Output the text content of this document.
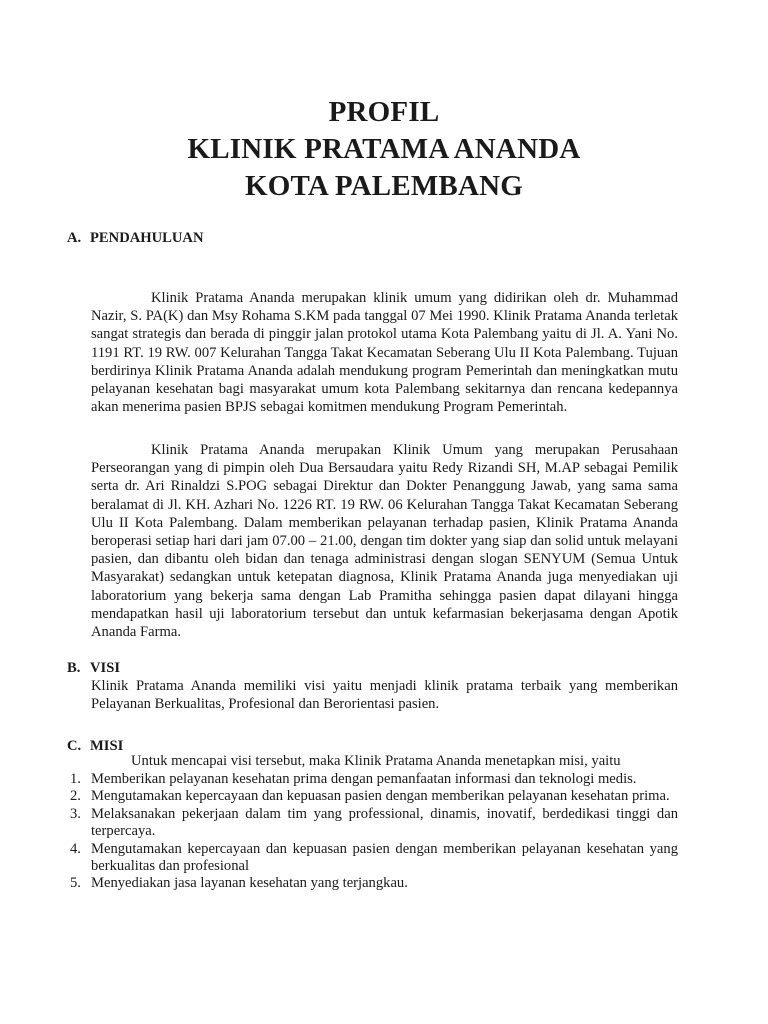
PROFIL
KLINIK PRATAMA ANANDA
KOTA PALEMBANG
A. PENDAHULUAN

Klinik Pratama Ananda merupakan klinik umum yang didirikan oleh dr. Muhammad Nazir, S. PA(K) dan Msy Rohama S.KM pada tanggal 07 Mei 1990. Klinik Pratama Ananda terletak sangat strategis dan berada di pinggir jalan protokol utama Kota Palembang yaitu di Jl. A. Yani No. 1191 RT. 19 RW. 007 Kelurahan Tangga Takat Kecamatan Seberang Ulu II Kota Palembang. Tujuan berdirinya Klinik Pratama Ananda adalah mendukung program Pemerintah dan meningkatkan mutu pelayanan kesehatan bagi masyarakat umum kota Palembang sekitarnya dan rencana kedepannya akan menerima pasien BPJS sebagai komitmen mendukung Program Pemerintah.

Klinik Pratama Ananda merupakan Klinik Umum yang merupakan Perusahaan Perseorangan yang di pimpin oleh Dua Bersaudara yaitu Redy Rizandi SH, M.AP sebagai Pemilik serta dr. Ari Rinaldzi S.POG sebagai Direktur dan Dokter Penanggung Jawab, yang sama sama beralamat di Jl. KH. Azhari No. 1226 RT. 19 RW. 06 Kelurahan Tangga Takat Kecamatan Seberang Ulu II Kota Palembang. Dalam memberikan pelayanan terhadap pasien, Klinik Pratama Ananda beroperasi setiap hari dari jam 07.00 – 21.00, dengan tim dokter yang siap dan solid untuk melayani pasien, dan dibantu oleh bidan dan tenaga administrasi dengan slogan SENYUM (Semua Untuk Masyarakat) sedangkan untuk ketepatan diagnosa, Klinik Pratama Ananda juga menyediakan uji laboratorium yang bekerja sama dengan Lab Pramitha sehingga pasien dapat dilayani hingga mendapatkan hasil uji laboratorium tersebut dan untuk kefarmasian bekerjasama dengan Apotik Ananda Farma.

B. VISI

Klinik Pratama Ananda memiliki visi yaitu menjadi klinik pratama terbaik yang memberikan Pelayanan Berkualitas, Profesional dan Berorientasi pasien.

C. MISI

Untuk mencapai visi tersebut, maka Klinik Pratama Ananda menetapkan misi, yaitu

1. Memberikan pelayanan kesehatan prima dengan pemanfaatan informasi dan teknologi medis.
2. Mengutamakan kepercayaan dan kepuasan pasien dengan memberikan pelayanan kesehatan prima.
3. Melaksanakan pekerjaan dalam tim yang professional, dinamis, inovatif, berdedikasi tinggi dan terpercaya.
4. Mengutamakan kepercayaan dan kepuasan pasien dengan memberikan pelayanan kesehatan yang berkualitas dan profesional
5. Menyediakan jasa layanan kesehatan yang terjangkau.
